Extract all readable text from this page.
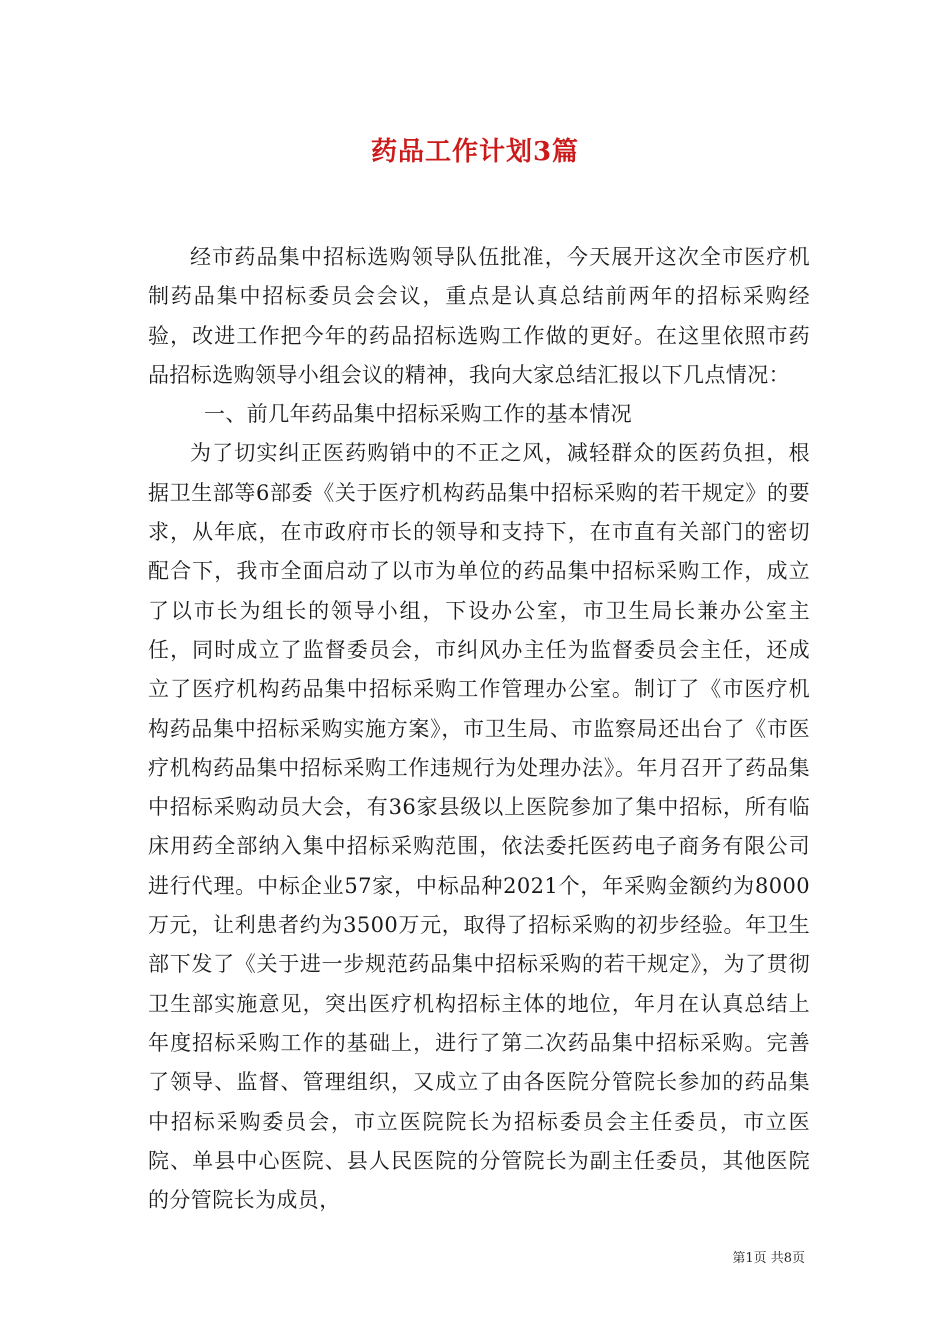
药品工作计划3篇

经市药品集中招标选购领导队伍批准，今天展开这次全市医疗机制药品集中招标委员会会议，重点是认真总结前两年的招标采购经验，改进工作把今年的药品招标选购工作做的更好。在这里依照市药品招标选购领导小组会议的精神，我向大家总结汇报以下几点情况：

一、前几年药品集中招标采购工作的基本情况

为了切实纠正医药购销中的不正之风，减轻群众的医药负担，根据卫生部等6部委《关于医疗机构药品集中招标采购的若干规定》的要求，从年底，在市政府市长的领导和支持下，在市直有关部门的密切配合下，我市全面启动了以市为单位的药品集中招标采购工作，成立了以市长为组长的领导小组，下设办公室，市卫生局长兼办公室主任，同时成立了监督委员会，市纠风办主任为监督委员会主任，还成立了医疗机构药品集中招标采购工作管理办公室。制订了《市医疗机构药品集中招标采购实施方案》，市卫生局、市监察局还出台了《市医疗机构药品集中招标采购工作违规行为处理办法》。年月召开了药品集中招标采购动员大会，有36家县级以上医院参加了集中招标，所有临床用药全部纳入集中招标采购范围，依法委托医药电子商务有限公司进行代理。中标企业57家，中标品种2021个，年采购金额约为8000万元，让利患者约为3500万元，取得了招标采购的初步经验。年卫生部下发了《关于进一步规范药品集中招标采购的若干规定》，为了贯彻卫生部实施意见，突出医疗机构招标主体的地位，年月在认真总结上年度招标采购工作的基础上，进行了第二次药品集中招标采购。完善了领导、监督、管理组织，又成立了由各医院分管院长参加的药品集中招标采购委员会，市立医院院长为招标委员会主任委员，市立医院、单县中心医院、县人民医院的分管院长为副主任委员，其他医院的分管院长为成员，

第1页 共8页
